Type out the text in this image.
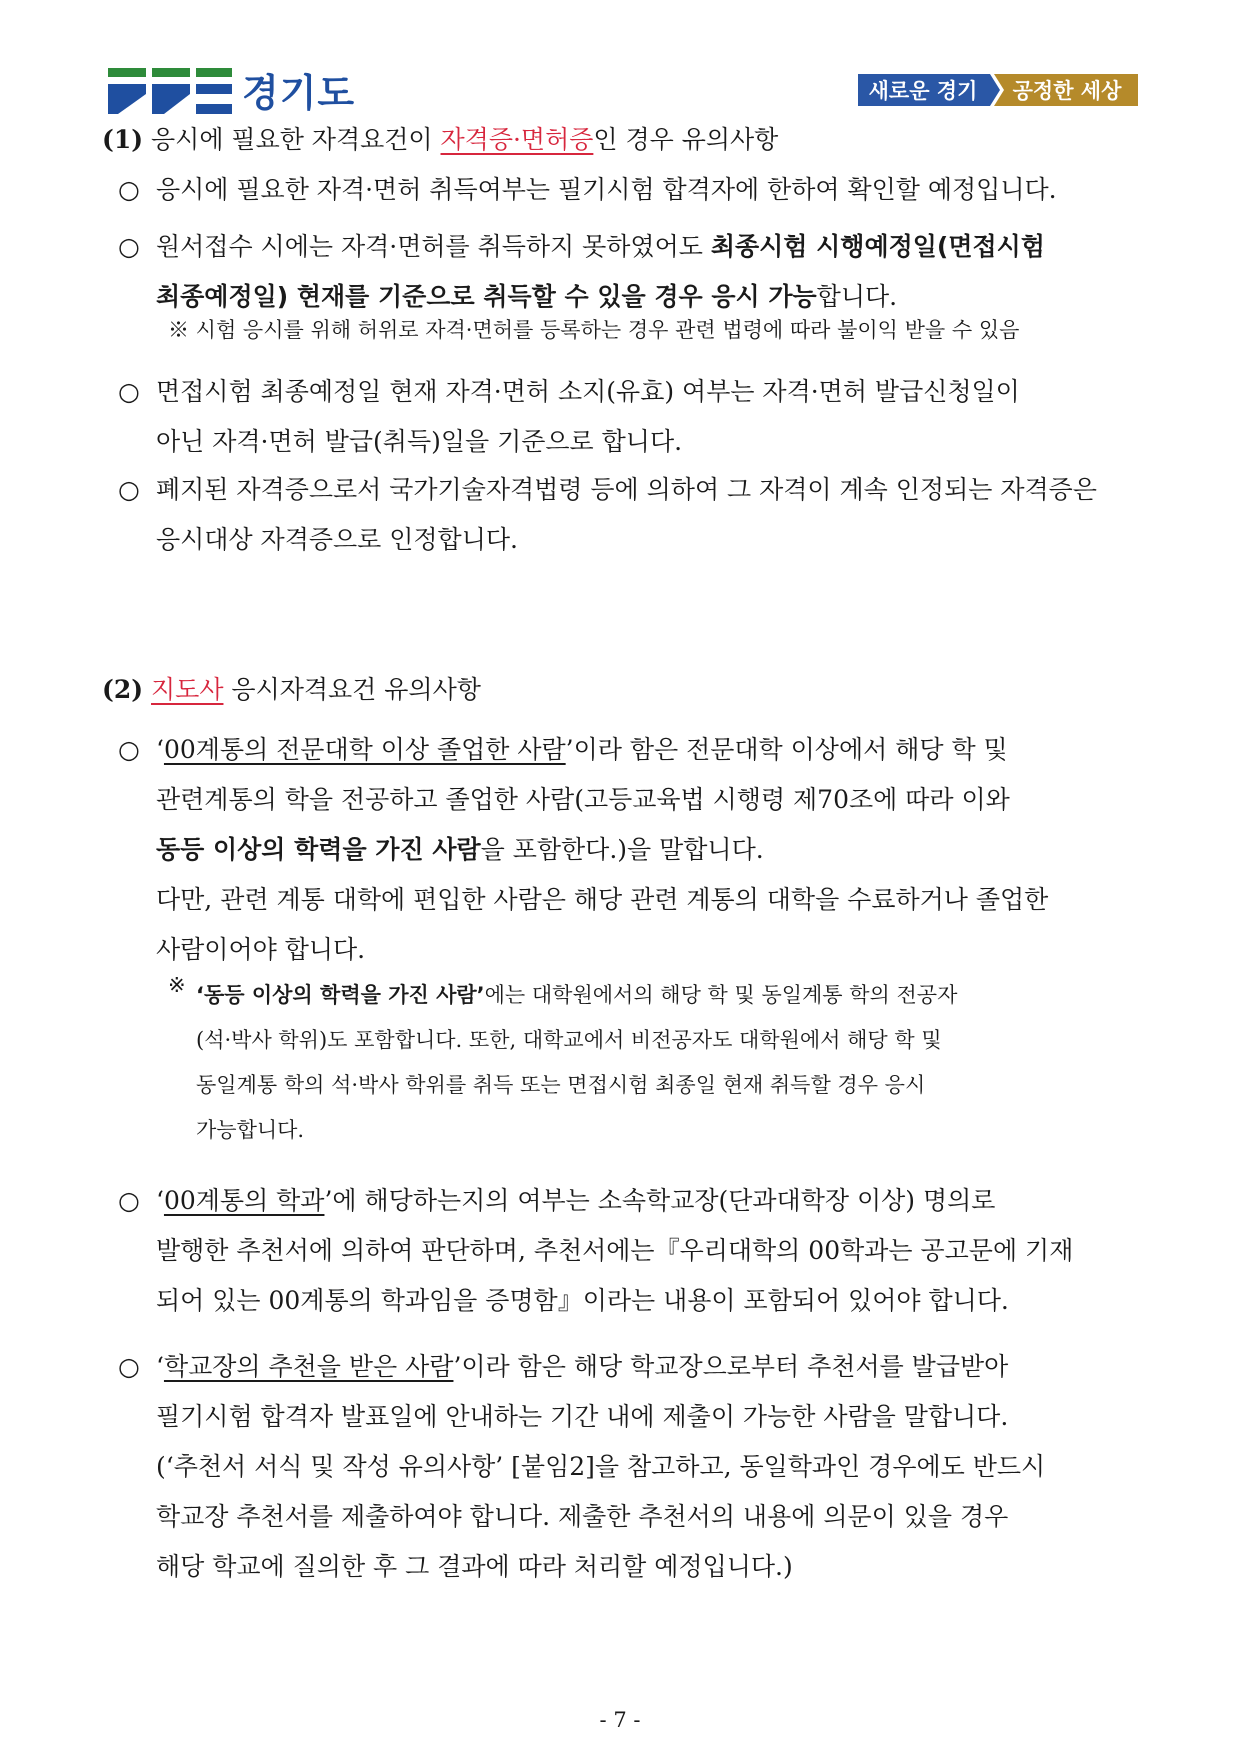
경기도	새로운 경기	공정한 세상
(1) 응시에 필요한 자격요건이 자격증·면허증인 경우 유의사항
○ 응시에 필요한 자격·면허 취득여부는 필기시험 합격자에 한하여 확인할 예정입니다.
○ 원서접수 시에는 자격·면허를 취득하지 못하였어도 최종시험 시행예정일(면접시험
최종예정일) 현재를 기준으로 취득할 수 있을 경우 응시 가능합니다.
※ 시험 응시를 위해 허위로 자격·면허를 등록하는 경우 관련 법령에 따라 불이익 받을 수 있음
○ 면접시험 최종예정일 현재 자격·면허 소지(유효) 여부는 자격·면허 발급신청일이
아닌 자격·면허 발급(취득)일을 기준으로 합니다.
○ 폐지된 자격증으로서 국가기술자격법령 등에 의하여 그 자격이 계속 인정되는 자격증은
응시대상 자격증으로 인정합니다.
(2) 지도사 응시자격요건 유의사항
○ ‘00계통의 전문대학 이상 졸업한 사람’이라 함은 전문대학 이상에서 해당 학 및
관련계통의 학을 전공하고 졸업한 사람(고등교육법 시행령 제70조에 따라 이와
동등 이상의 학력을 가진 사람을 포함한다.)을 말합니다.
다만, 관련 계통 대학에 편입한 사람은 해당 관련 계통의 대학을 수료하거나 졸업한
사람이어야 합니다.
※ ‘동등 이상의 학력을 가진 사람’에는 대학원에서의 해당 학 및 동일계통 학의 전공자
(석·박사 학위)도 포함합니다. 또한, 대학교에서 비전공자도 대학원에서 해당 학 및
동일계통 학의 석·박사 학위를 취득 또는 면접시험 최종일 현재 취득할 경우 응시
가능합니다.
○ ‘00계통의 학과’에 해당하는지의 여부는 소속학교장(단과대학장 이상) 명의로
발행한 추천서에 의하여 판단하며, 추천서에는『우리대학의 00학과는 공고문에 기재
되어 있는 00계통의 학과임을 증명함』이라는 내용이 포함되어 있어야 합니다.
○ ‘학교장의 추천을 받은 사람’이라 함은 해당 학교장으로부터 추천서를 발급받아
필기시험 합격자 발표일에 안내하는 기간 내에 제출이 가능한 사람을 말합니다.
(‘추천서 서식 및 작성 유의사항’ [붙임2]을 참고하고, 동일학과인 경우에도 반드시
학교장 추천서를 제출하여야 합니다. 제출한 추천서의 내용에 의문이 있을 경우
해당 학교에 질의한 후 그 결과에 따라 처리할 예정입니다.)
- 7 -
